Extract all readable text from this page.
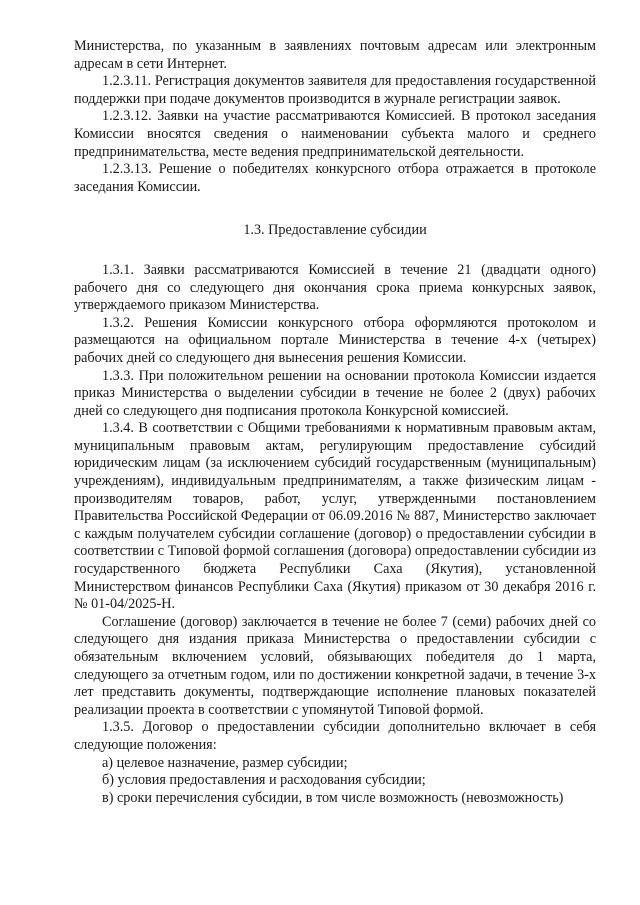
Министерства, по указанным в заявлениях почтовым адресам или электронным адресам в сети Интернет.

1.2.3.11. Регистрация документов заявителя для предоставления государственной поддержки при подаче документов производится в журнале регистрации заявок.

1.2.3.12. Заявки на участие рассматриваются Комиссией. В протокол заседания Комиссии вносятся сведения о наименовании субъекта малого и среднего предпринимательства, месте ведения предпринимательской деятельности.

1.2.3.13. Решение о победителях конкурсного отбора отражается в протоколе заседания Комиссии.

1.3. Предоставление субсидии

1.3.1. Заявки рассматриваются Комиссией в течение 21 (двадцати одного) рабочего дня со следующего дня окончания срока приема конкурсных заявок, утверждаемого приказом Министерства.

1.3.2. Решения Комиссии конкурсного отбора оформляются протоколом и размещаются на официальном портале Министерства в течение 4-х (четырех) рабочих дней со следующего дня вынесения решения Комиссии.

1.3.3. При положительном решении на основании протокола Комиссии издается приказ Министерства о выделении субсидии в течение не более 2 (двух) рабочих дней со следующего дня подписания протокола Конкурсной комиссией.

1.3.4. В соответствии с Общими требованиями к нормативным правовым актам, муниципальным правовым актам, регулирующим предоставление субсидий юридическим лицам (за исключением субсидий государственным (муниципальным) учреждениям), индивидуальным предпринимателям, а также физическим лицам - производителям товаров, работ, услуг, утвержденными постановлением Правительства Российской Федерации от 06.09.2016 № 887, Министерство заключает с каждым получателем субсидии соглашение (договор) о предоставлении субсидии в соответствии с Типовой формой соглашения (договора) опредоставлении субсидии из государственного бюджета Республики Саха (Якутия), установленной Министерством финансов Республики Саха (Якутия) приказом от 30 декабря 2016 г. № 01-04/2025-Н.

Соглашение (договор) заключается в течение не более 7 (семи) рабочих дней со следующего дня издания приказа Министерства о предоставлении субсидии с обязательным включением условий, обязывающих победителя до 1 марта, следующего за отчетным годом, или по достижении конкретной задачи, в течение 3-х лет представить документы, подтверждающие исполнение плановых показателей реализации проекта в соответствии с упомянутой Типовой формой.

1.3.5. Договор о предоставлении субсидии дополнительно включает в себя следующие положения:

а) целевое назначение, размер субсидии;

б) условия предоставления и расходования субсидии;

в) сроки перечисления субсидии, в том числе возможность (невозможность)
